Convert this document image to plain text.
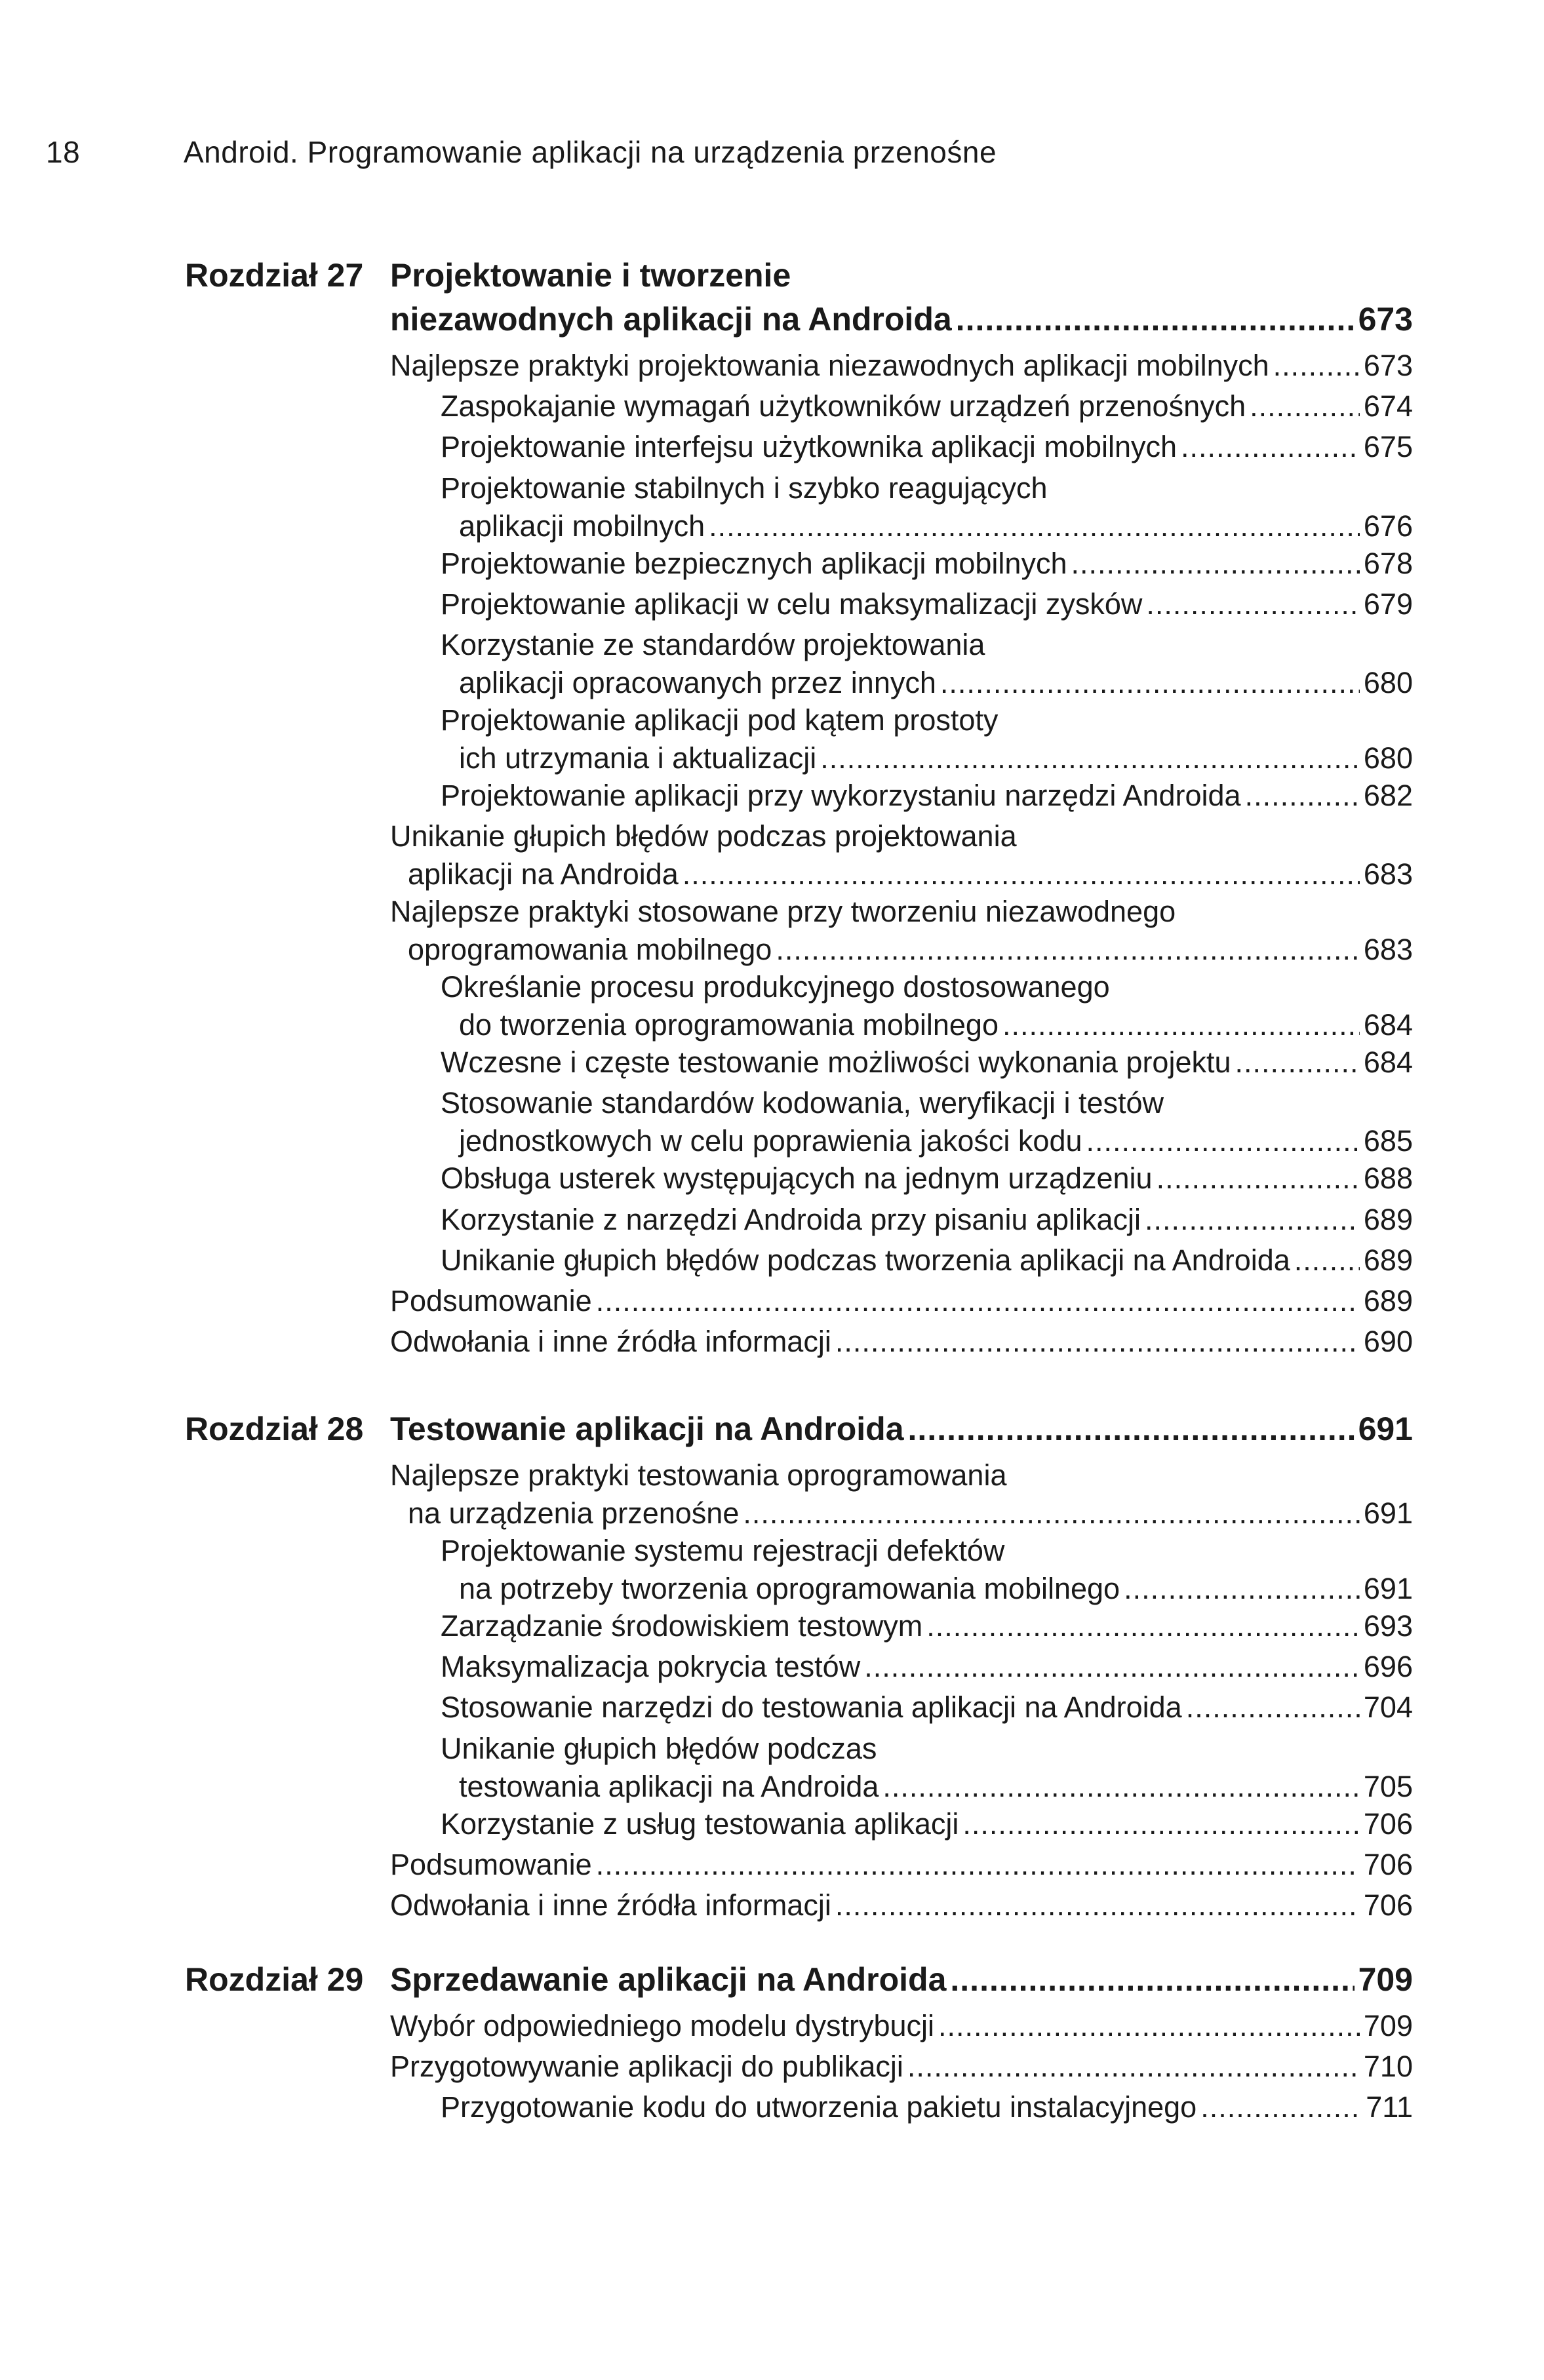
18	Android. Programowanie aplikacji na urządzenia przenośne
Rozdział 27 Projektowanie i tworzenie
niezawodnych aplikacji na Androida .....	673
Najlepsze praktyki projektowania niezawodnych aplikacji mobilnych .....	673
Zaspokajanie wymagań użytkowników urządzeń przenośnych .....	674
Projektowanie interfejsu użytkownika aplikacji mobilnych .....	675
Projektowanie stabilnych i szybko reagujących
aplikacji mobilnych .....	676
Projektowanie bezpiecznych aplikacji mobilnych .....	678
Projektowanie aplikacji w celu maksymalizacji zysków .....	679
Korzystanie ze standardów projektowania
aplikacji opracowanych przez innych .....	680
Projektowanie aplikacji pod kątem prostoty
ich utrzymania i aktualizacji .....	680
Projektowanie aplikacji przy wykorzystaniu narzędzi Androida .....	682
Unikanie głupich błędów podczas projektowania
aplikacji na Androida .....	683
Najlepsze praktyki stosowane przy tworzeniu niezawodnego
oprogramowania mobilnego .....	683
Określanie procesu produkcyjnego dostosowanego
do tworzenia oprogramowania mobilnego .....	684
Wczesne i częste testowanie możliwości wykonania projektu .....	684
Stosowanie standardów kodowania, weryfikacji i testów
jednostkowych w celu poprawienia jakości kodu .....	685
Obsługa usterek występujących na jednym urządzeniu .....	688
Korzystanie z narzędzi Androida przy pisaniu aplikacji .....	689
Unikanie głupich błędów podczas tworzenia aplikacji na Androida ..... 689
Podsumowanie .....	689
Odwołania i inne źródła informacji .....	690
Rozdział 28 Testowanie aplikacji na Androida .....	691
Najlepsze praktyki testowania oprogramowania
na urządzenia przenośne .....	691
Projektowanie systemu rejestracji defektów
na potrzeby tworzenia oprogramowania mobilnego .....	691
Zarządzanie środowiskiem testowym .....	693
Maksymalizacja pokrycia testów .....	696
Stosowanie narzędzi do testowania aplikacji na Androida .....	704
Unikanie głupich błędów podczas
testowania aplikacji na Androida .....	705
Korzystanie z usług testowania aplikacji .....	706
Podsumowanie .....	706
Odwołania i inne źródła informacji .....	706
Rozdział 29 Sprzedawanie aplikacji na Androida .....	709
Wybór odpowiedniego modelu dystrybucji .....	709
Przygotowywanie aplikacji do publikacji .....	710
Przygotowanie kodu do utworzenia pakietu instalacyjnego .....	711
